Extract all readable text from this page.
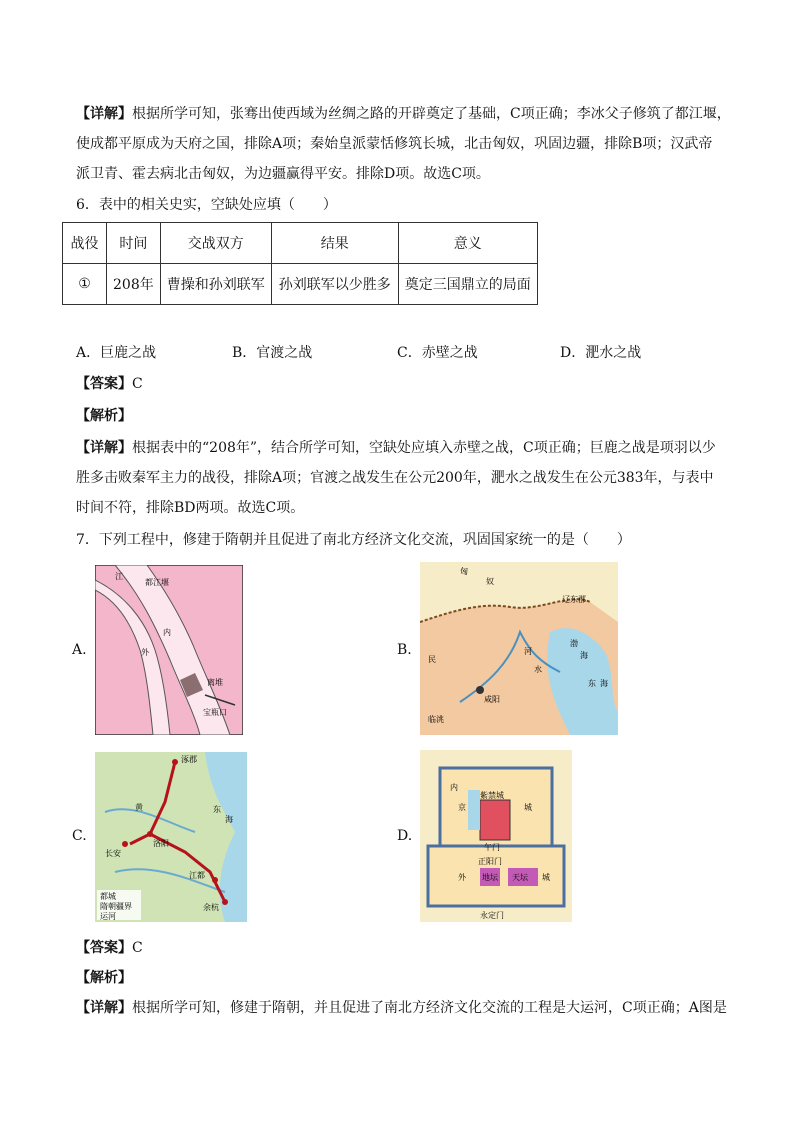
【详解】根据所学可知，张骞出使西域为丝绸之路的开辟奠定了基础，C项正确；李冰父子修筑了都江堰，
使成都平原成为天府之国，排除A项；秦始皇派蒙恬修筑长城，北击匈奴，巩固边疆，排除B项；汉武帝
派卫青、霍去病北击匈奴，为边疆赢得平安。排除D项。故选C项。
6．表中的相关史实，空缺处应填（　　）
战役	时间	交战双方	结果	意义
①	208年	曹操和孙刘联军	孙刘联军以少胜多	奠定三国鼎立的局面
A．巨鹿之战	B．官渡之战	C．赤壁之战	D．淝水之战
【答案】C
【解析】
【详解】根据表中的“208年”，结合所学可知，空缺处应填入赤壁之战，C项正确；巨鹿之战是项羽以少
胜多击败秦军主力的战役，排除A项；官渡之战发生在公元200年，淝水之战发生在公元383年，与表中
时间不符，排除BD两项。故选C项。
7．下列工程中，修建于隋朝并且促进了南北方经济文化交流，巩固国家统一的是（　　）
A.	B.
C.	D.
都江堰
江
内
外
宝瓶口
离堆
匈
奴
辽东郡
民
渤
海
河
水
东 海
咸阳
临洮
涿郡
洛阳
长安
江都
余杭
黄	东
海
都城
隋朝疆界
运河
内
京	城
外	城
天坛
地坛
午门
正阳门
永定门
紫禁城
【答案】C
【解析】
【详解】根据所学可知，修建于隋朝，并且促进了南北方经济文化交流的工程是大运河，C项正确；A图是
